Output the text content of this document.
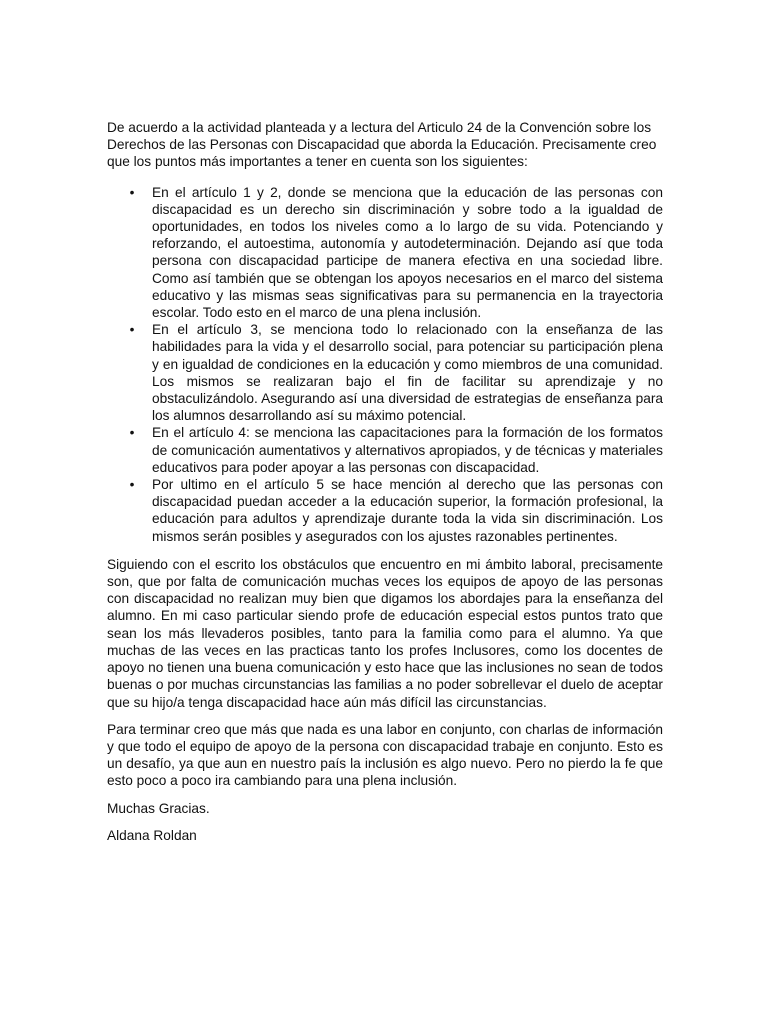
De acuerdo a la actividad planteada y a lectura del Articulo 24 de la Convención sobre los Derechos de las Personas con Discapacidad que aborda la Educación. Precisamente creo que los puntos más importantes a tener en cuenta son los siguientes:

• En el artículo 1 y 2, donde se menciona que la educación de las personas con discapacidad es un derecho sin discriminación y sobre todo a la igualdad de oportunidades, en todos los niveles como a lo largo de su vida. Potenciando y reforzando, el autoestima, autonomía y autodeterminación. Dejando así que toda persona con discapacidad participe de manera efectiva en una sociedad libre. Como así también que se obtengan los apoyos necesarios en el marco del sistema educativo y las mismas seas significativas para su permanencia en la trayectoria escolar. Todo esto en el marco de una plena inclusión.
• En el artículo 3, se menciona todo lo relacionado con la enseñanza de las habilidades para la vida y el desarrollo social, para potenciar su participación plena y en igualdad de condiciones en la educación y como miembros de una comunidad. Los mismos se realizaran bajo el fin de facilitar su aprendizaje y no obstaculizándolo. Asegurando así una diversidad de estrategias de enseñanza para los alumnos desarrollando así su máximo potencial.
• En el artículo 4: se menciona las capacitaciones para la formación de los formatos de comunicación aumentativos y alternativos apropiados, y de técnicas y materiales educativos para poder apoyar a las personas con discapacidad.
• Por ultimo en el artículo 5 se hace mención al derecho que las personas con discapacidad puedan acceder a la educación superior, la formación profesional, la educación para adultos y aprendizaje durante toda la vida sin discriminación. Los mismos serán posibles y asegurados con los ajustes razonables pertinentes.

Siguiendo con el escrito los obstáculos que encuentro en mi ámbito laboral, precisamente son, que por falta de comunicación muchas veces los equipos de apoyo de las personas con discapacidad no realizan muy bien que digamos los abordajes para la enseñanza del alumno. En mi caso particular siendo profe de educación especial estos puntos trato que sean los más llevaderos posibles, tanto para la familia como para el alumno. Ya que muchas de las veces en las practicas tanto los profes Inclusores, como los docentes de apoyo no tienen una buena comunicación y esto hace que las inclusiones no sean de todos buenas o por muchas circunstancias las familias a no poder sobrellevar el duelo de aceptar que su hijo/a tenga discapacidad hace aún más difícil las circunstancias.

Para terminar creo que más que nada es una labor en conjunto, con charlas de información y que todo el equipo de apoyo de la persona con discapacidad trabaje en conjunto. Esto es un desafío, ya que aun en nuestro país la inclusión es algo nuevo. Pero no pierdo la fe que esto poco a poco ira cambiando para una plena inclusión.

Muchas Gracias.

Aldana Roldan
